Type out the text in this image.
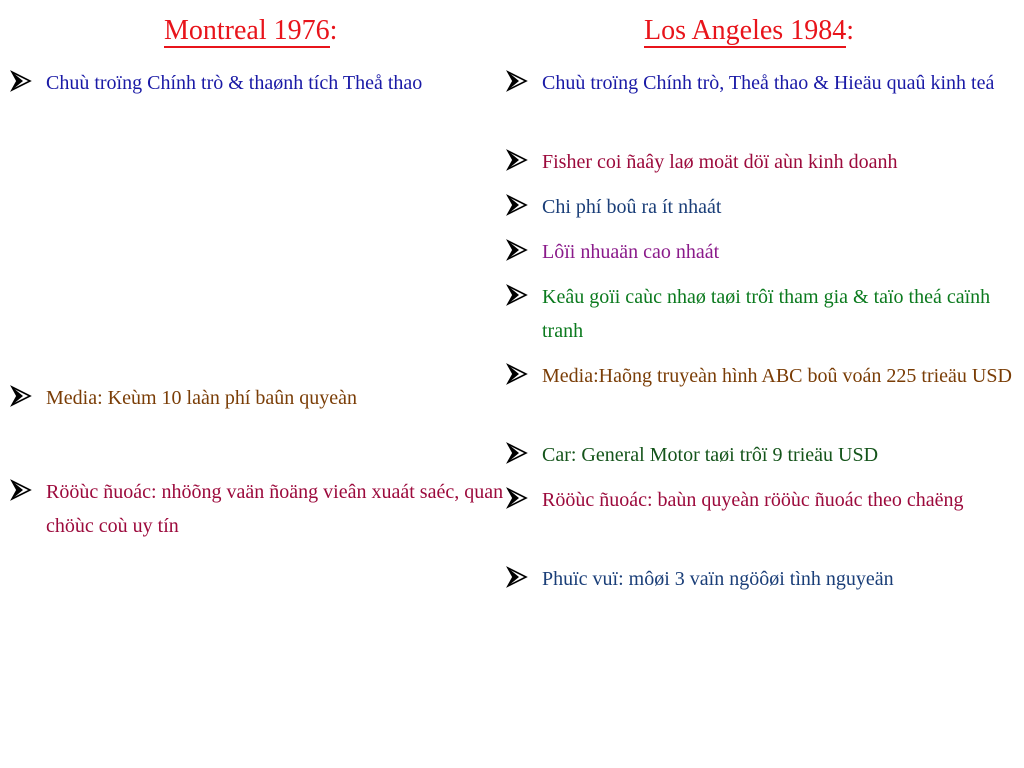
Montreal 1976:	Los Angeles 1984:
Chuù troïng Chính trò & thaønh tích Theå thao
Media: Keùm 10 laàn phí baûn quyeàn
Rööùc ñuoác: nhöõng vaän ñoäng vieân xuaát saéc, quan chöùc coù uy tín
Chuù troïng Chính trò, Theå thao & Hieäu quaû kinh teá
Fisher coi ñaây laø moät döï aùn kinh doanh
Chi phí boû ra ít nhaát
Lôïi nhuaän cao nhaát
Keâu goïi caùc nhaø taøi trôï tham gia & taïo theá caïnh tranh
Media:Haõng truyeàn hình ABC boû voán 225 trieäu USD
Car: General Motor taøi trôï 9 trieäu USD
Rööùc ñuoác: baùn quyeàn rööùc ñuoác theo chaëng
Phuïc vuï: môøi 3 vaïn ngöôøi tình nguyeän
